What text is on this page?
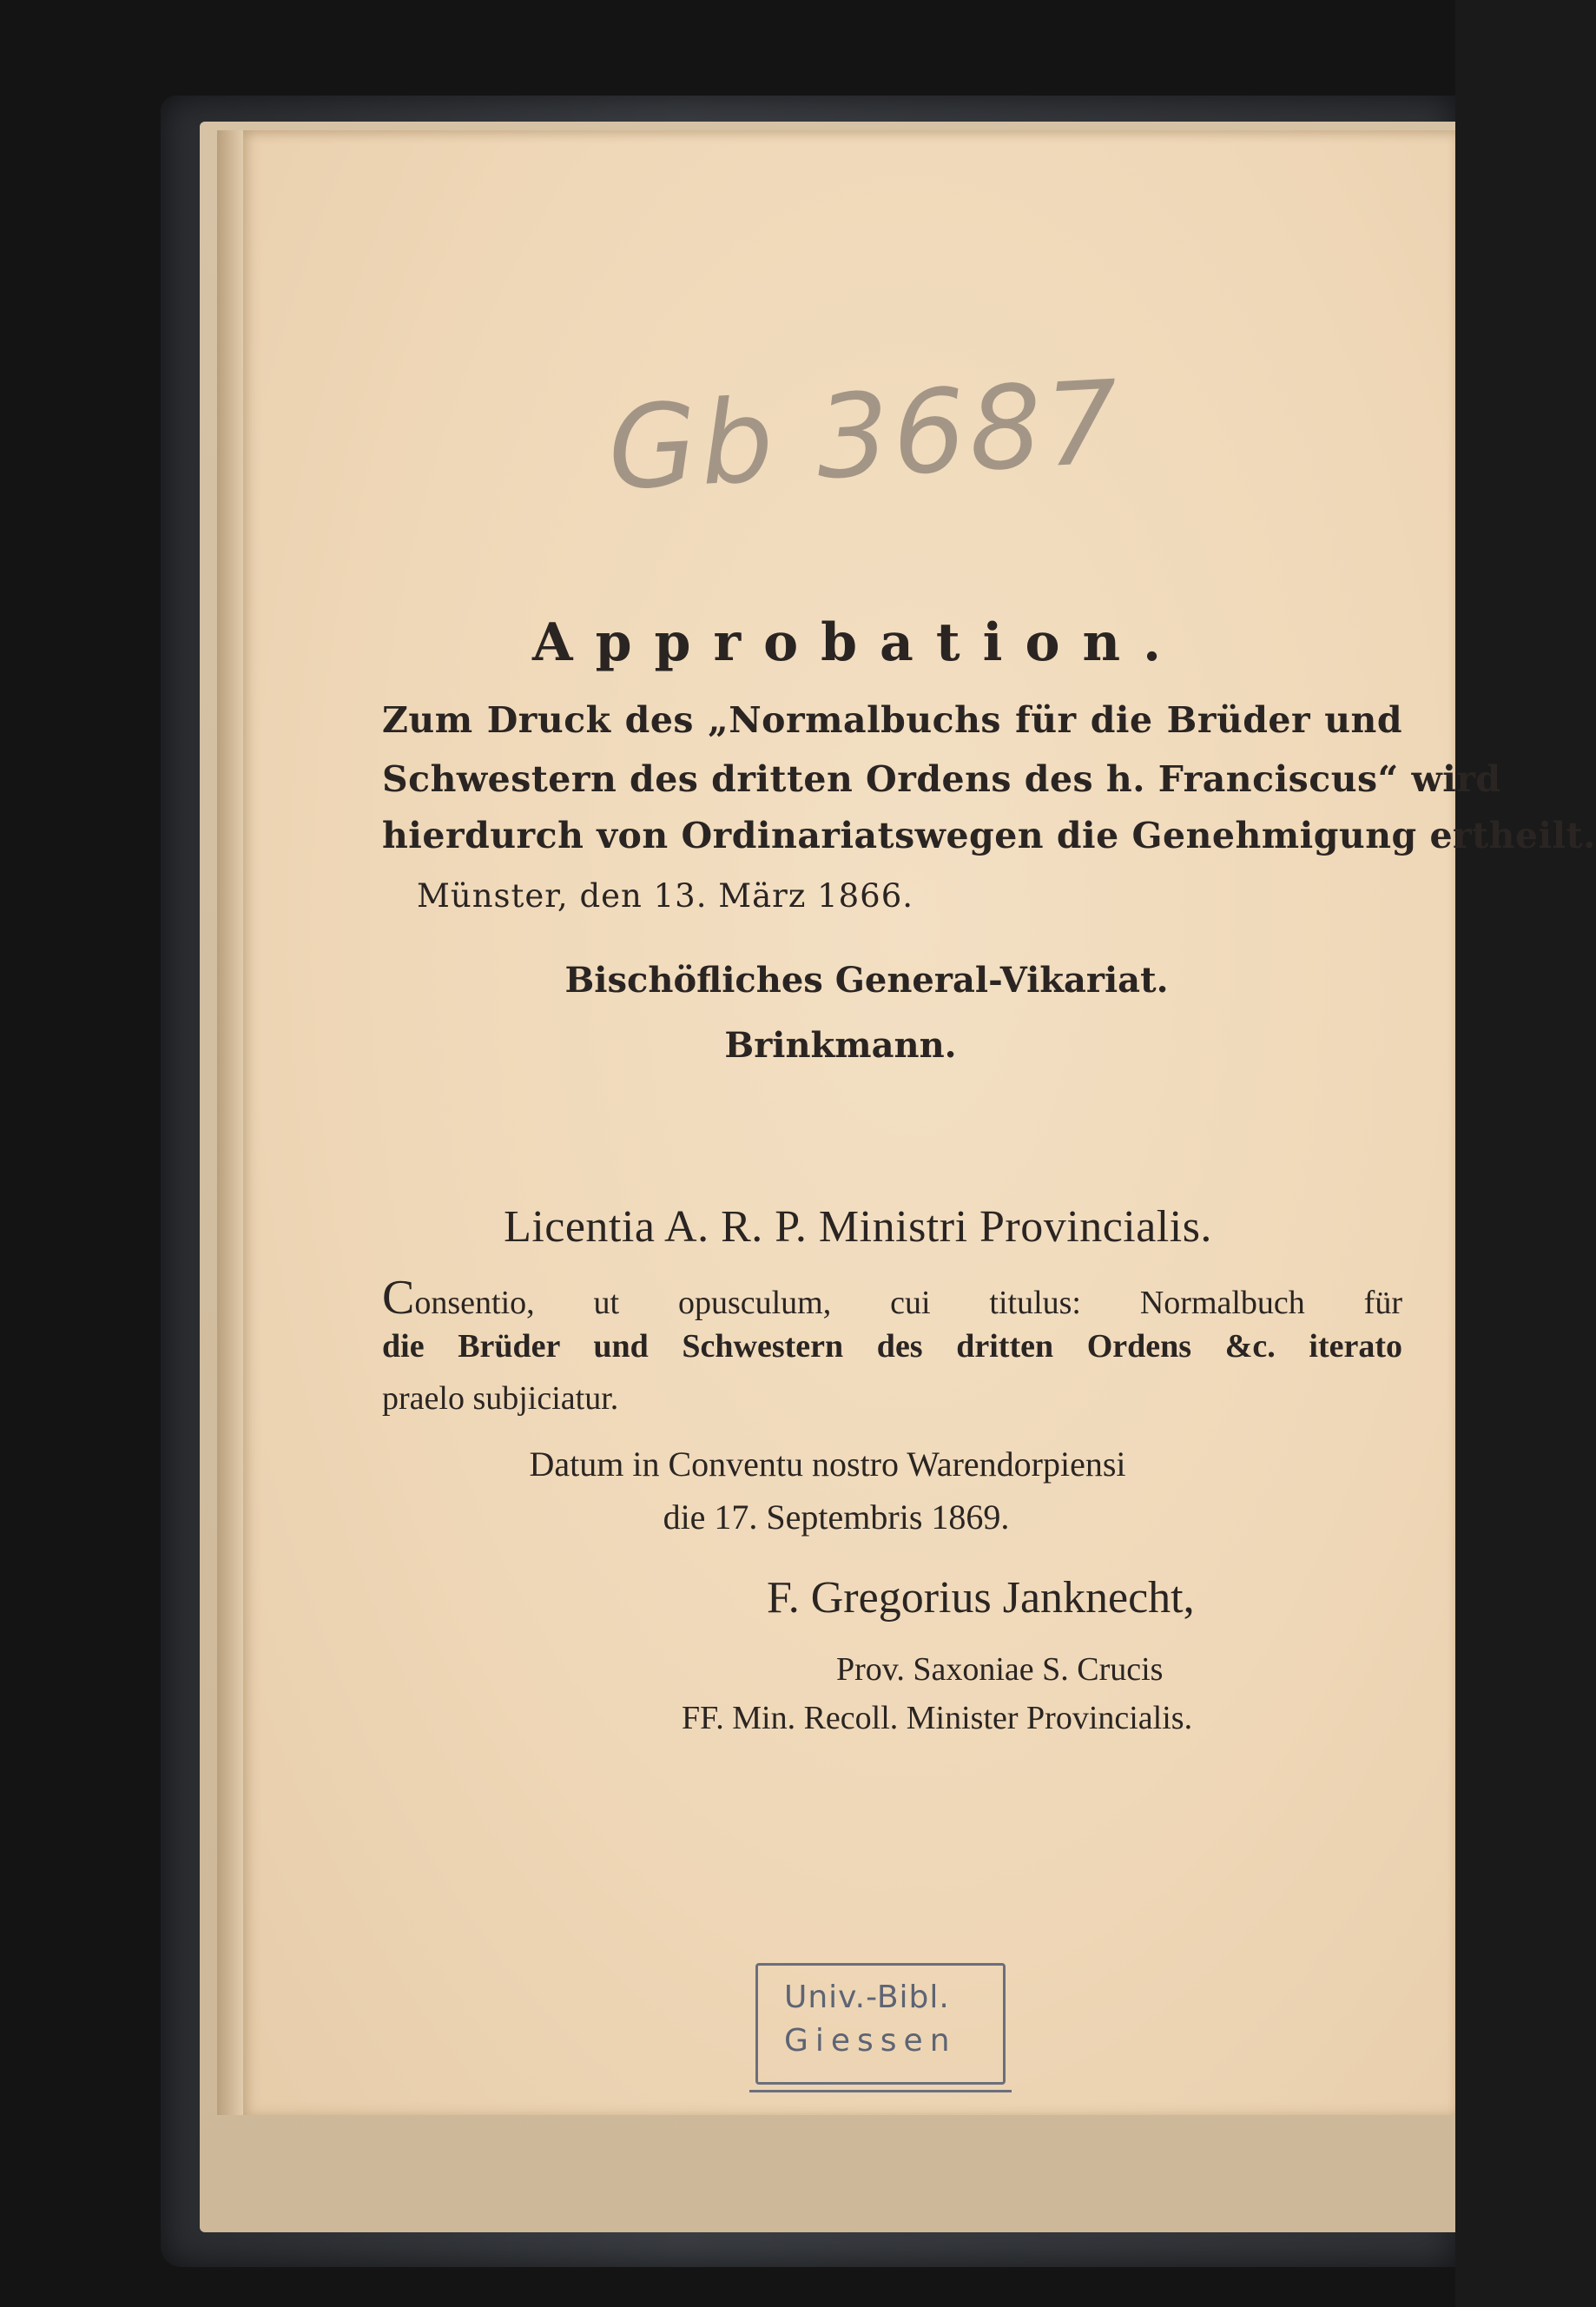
Gb 3687
Approbation.
Zum Druck des „Normalbuchs für die Brüder und
Schwestern des dritten Ordens des h. Franciscus“ wird
hierdurch von Ordinariatswegen die Genehmigung ertheilt.
Münster, den 13. März 1866.
Bischöfliches General-Vikariat.
Brinkmann.
Licentia A. R. P. Ministri Provincialis.
Consentio, ut opusculum, cui titulus: Normalbuch für
die Brüder und Schwestern des dritten Ordens &c. iterato
praelo subjiciatur.
Datum in Conventu nostro Warendorpiensi
die 17. Septembris 1869.
F. Gregorius Janknecht,
Prov. Saxoniae S. Crucis
FF. Min. Recoll. Minister Provincialis.
Univ.-Bibl.
Giessen
